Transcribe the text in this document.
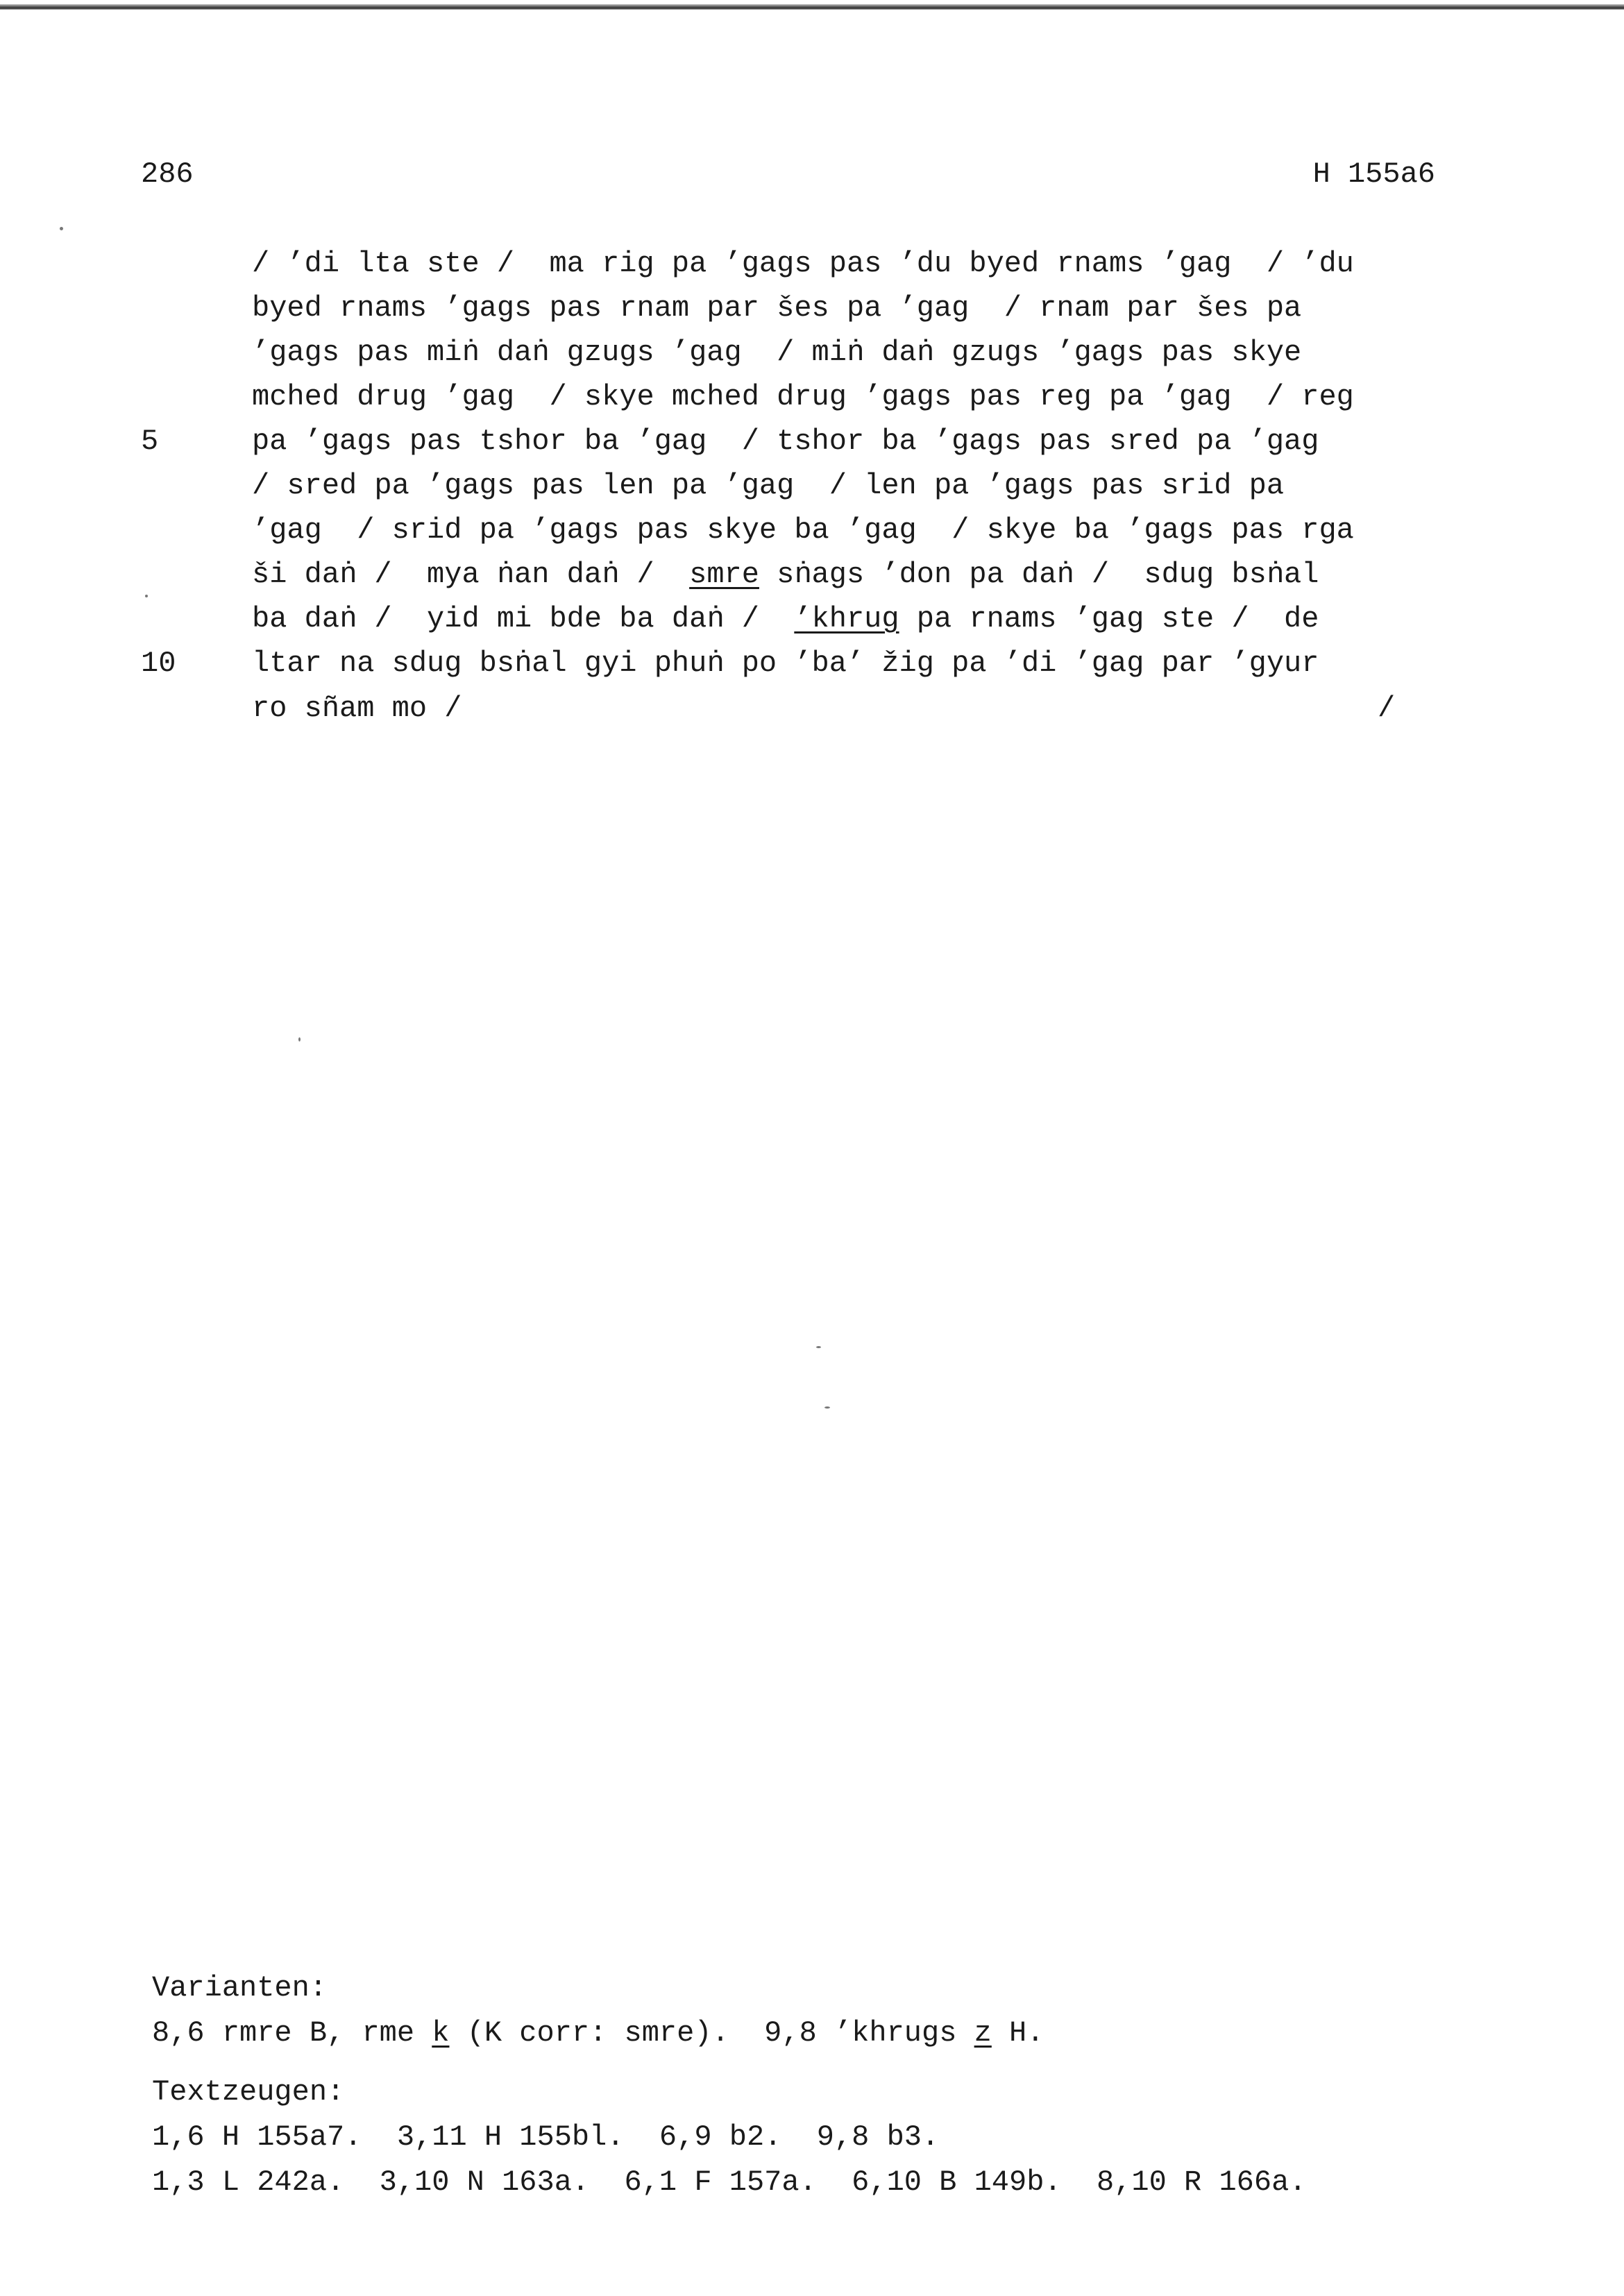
286	H 155a6
/ ’di lta ste /  ma rig pa ’gags pas ’du byed rnams ’gag  / ’du
byed rnams ’gags pas rnam par šes pa ’gag  / rnam par šes pa
’gags pas miṅ daṅ gzugs ’gag  / miṅ daṅ gzugs ’gags pas skye
mched drug ’gag  / skye mched drug ’gags pas reg pa ’gag  / reg
5	pa ’gags pas tshor ba ’gag  / tshor ba ’gags pas sred pa ’gag
/ sred pa ’gags pas len pa ’gag  / len pa ’gags pas srid pa
’gag  / srid pa ’gags pas skye ba ’gag  / skye ba ’gags pas rga
ši daṅ /  mya ṅan daṅ /  smre sṅags ’don pa daṅ /  sdug bsṅal
ba daṅ /  yid mi bde ba daṅ /  ’khrug pa rnams ’gag ste /  de
10	ltar na sdug bsṅal gyi phuṅ po ’ba’ žig pa ’di ’gag par ’gyur
ro sñam mo /	/
Varianten:
8,6 rmre B, rme k (K corr: smre).  9,8 ’khrugs z H.
Textzeugen:
1,6 H 155a7.  3,11 H 155bl.  6,9 b2.  9,8 b3.
1,3 L 242a.  3,10 N 163a.  6,1 F 157a.  6,10 B 149b.  8,10 R 166a.
